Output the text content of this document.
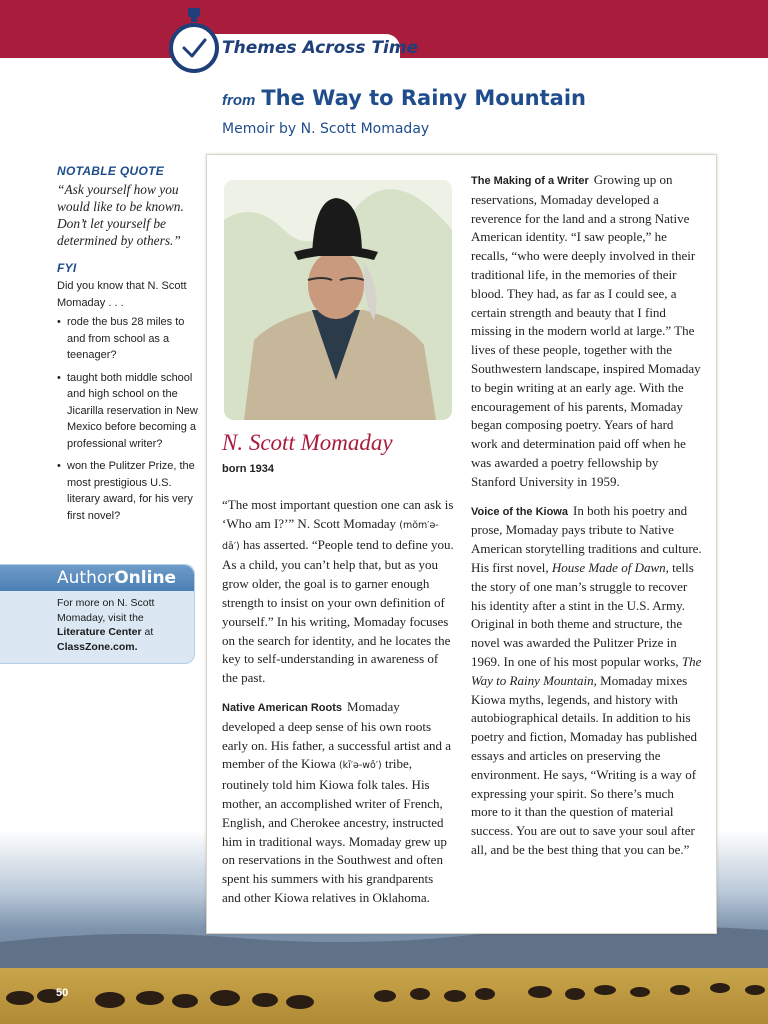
Themes Across Time
from The Way to Rainy Mountain
Memoir by N. Scott Momaday
NOTABLE QUOTE
“Ask yourself how you would like to be known. Don’t let yourself be determined by others.”
FYI
Did you know that N. Scott Momaday . . .
• rode the bus 28 miles to and from school as a teenager?
• taught both middle school and high school on the Jicarilla reservation in New Mexico before becoming a professional writer?
• won the Pulitzer Prize, the most prestigious U.S. literary award, for his very first novel?
AuthorOnline
For more on N. Scott Momaday, visit the Literature Center at ClassZone.com.
50
N. Scott Momaday
born 1934

“The most important question one can ask is ‘Who am I?’” N. Scott Momaday (mŏm′ə-dā′) has asserted. “People tend to define you. As a child, you can’t help that, but as you grow older, the goal is to garner enough strength to insist on your own definition of yourself.” In his writing, Momaday focuses on the search for identity, and he locates the key to self-understanding in awareness of the past.

Native American Roots Momaday developed a deep sense of his own roots early on. His father, a successful artist and a member of the Kiowa (kī′ə-wô′) tribe, routinely told him Kiowa folk tales. His mother, an accomplished writer of French, English, and Cherokee ancestry, instructed him in traditional ways. Momaday grew up on reservations in the Southwest and often spent his summers with his grandparents and other Kiowa relatives in Oklahoma.

The Making of a Writer Growing up on reservations, Momaday developed a reverence for the land and a strong Native American identity. “I saw people,” he recalls, “who were deeply involved in their traditional life, in the memories of their blood. They had, as far as I could see, a certain strength and beauty that I find missing in the modern world at large.” The lives of these people, together with the Southwestern landscape, inspired Momaday to begin writing at an early age. With the encouragement of his parents, Momaday began composing poetry. Years of hard work and determination paid off when he was awarded a poetry fellowship by Stanford University in 1959.

Voice of the Kiowa In both his poetry and prose, Momaday pays tribute to Native American storytelling traditions and culture. His first novel, House Made of Dawn, tells the story of one man’s struggle to recover his identity after a stint in the U.S. Army. Original in both theme and structure, the novel was awarded the Pulitzer Prize in 1969. In one of his most popular works, The Way to Rainy Mountain, Momaday mixes Kiowa myths, legends, and history with autobiographical details. In addition to his poetry and fiction, Momaday has published essays and articles on preserving the environment. He says, “Writing is a way of expressing your spirit. So there’s much more to it than the question of material success. You are out to save your soul after all, and be the best thing that you can be.”
